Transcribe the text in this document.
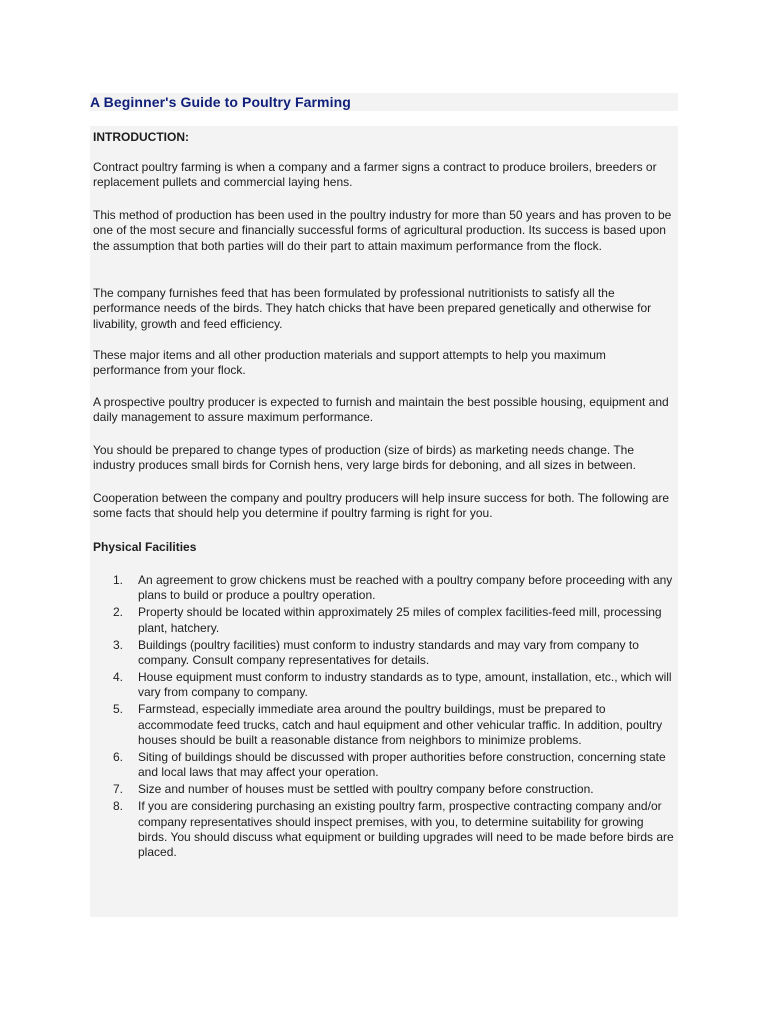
A Beginner's Guide to Poultry Farming

INTRODUCTION:

Contract poultry farming is when a company and a farmer signs a contract to produce broilers, breeders or replacement pullets and commercial laying hens.

This method of production has been used in the poultry industry for more than 50 years and has proven to be one of the most secure and financially successful forms of agricultural production. Its success is based upon the assumption that both parties will do their part to attain maximum performance from the flock.

The company furnishes feed that has been formulated by professional nutritionists to satisfy all the performance needs of the birds. They hatch chicks that have been prepared genetically and otherwise for livability, growth and feed efficiency.

These major items and all other production materials and support attempts to help you maximum performance from your flock.

A prospective poultry producer is expected to furnish and maintain the best possible housing, equipment and daily management to assure maximum performance.

You should be prepared to change types of production (size of birds) as marketing needs change. The industry produces small birds for Cornish hens, very large birds for deboning, and all sizes in between.

Cooperation between the company and poultry producers will help insure success for both. The following are some facts that should help you determine if poultry farming is right for you.

Physical Facilities

1. An agreement to grow chickens must be reached with a poultry company before proceeding with any plans to build or produce a poultry operation.
2. Property should be located within approximately 25 miles of complex facilities-feed mill, processing plant, hatchery.
3. Buildings (poultry facilities) must conform to industry standards and may vary from company to company. Consult company representatives for details.
4. House equipment must conform to industry standards as to type, amount, installation, etc., which will vary from company to company.
5. Farmstead, especially immediate area around the poultry buildings, must be prepared to accommodate feed trucks, catch and haul equipment and other vehicular traffic. In addition, poultry houses should be built a reasonable distance from neighbors to minimize problems.
6. Siting of buildings should be discussed with proper authorities before construction, concerning state and local laws that may affect your operation.
7. Size and number of houses must be settled with poultry company before construction.
8. If you are considering purchasing an existing poultry farm, prospective contracting company and/or company representatives should inspect premises, with you, to determine suitability for growing birds. You should discuss what equipment or building upgrades will need to be made before birds are placed.
